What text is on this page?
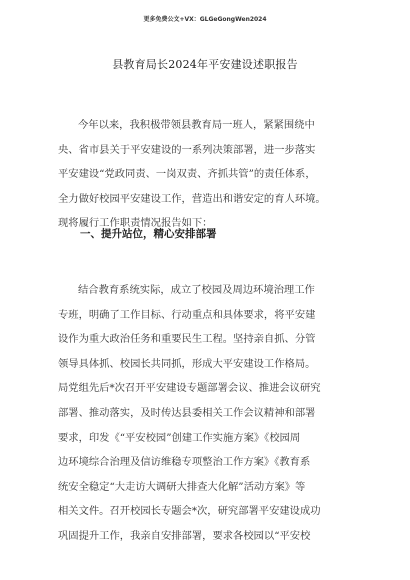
更多免费公文+VX：GLGeGongWen2024
县教育局长2024年平安建设述职报告
今年以来，我积极带领县教育局一班人，紧紧围绕中
央、省市县关于平安建设的一系列决策部署，进一步落实
平安建设“党政同责、一岗双责、齐抓共管”的责任体系，
全力做好校园平安建设工作，营造出和谐安定的育人环境。
现将履行工作职责情况报告如下：
一、提升站位，精心安排部署
结合教育系统实际，成立了校园及周边环境治理工作
专班，明确了工作目标、行动重点和具体要求，将平安建
设作为重大政治任务和重要民生工程。坚持亲自抓、分管
领导具体抓、校园长共同抓，形成大平安建设工作格局。
局党组先后*次召开平安建设专题部署会议、推进会议研究
部署、推动落实，及时传达县委相关工作会议精神和部署
要求，印发《“平安校园”创建工作实施方案》《校园周
边环境综合治理及信访维稳专项整治工作方案》《教育系
统安全稳定“大走访大调研大排查大化解”活动方案》等
相关文件。召开校园长专题会*次，研究部署平安建设成功
巩固提升工作，我亲自安排部署，要求各校园以“平安校
